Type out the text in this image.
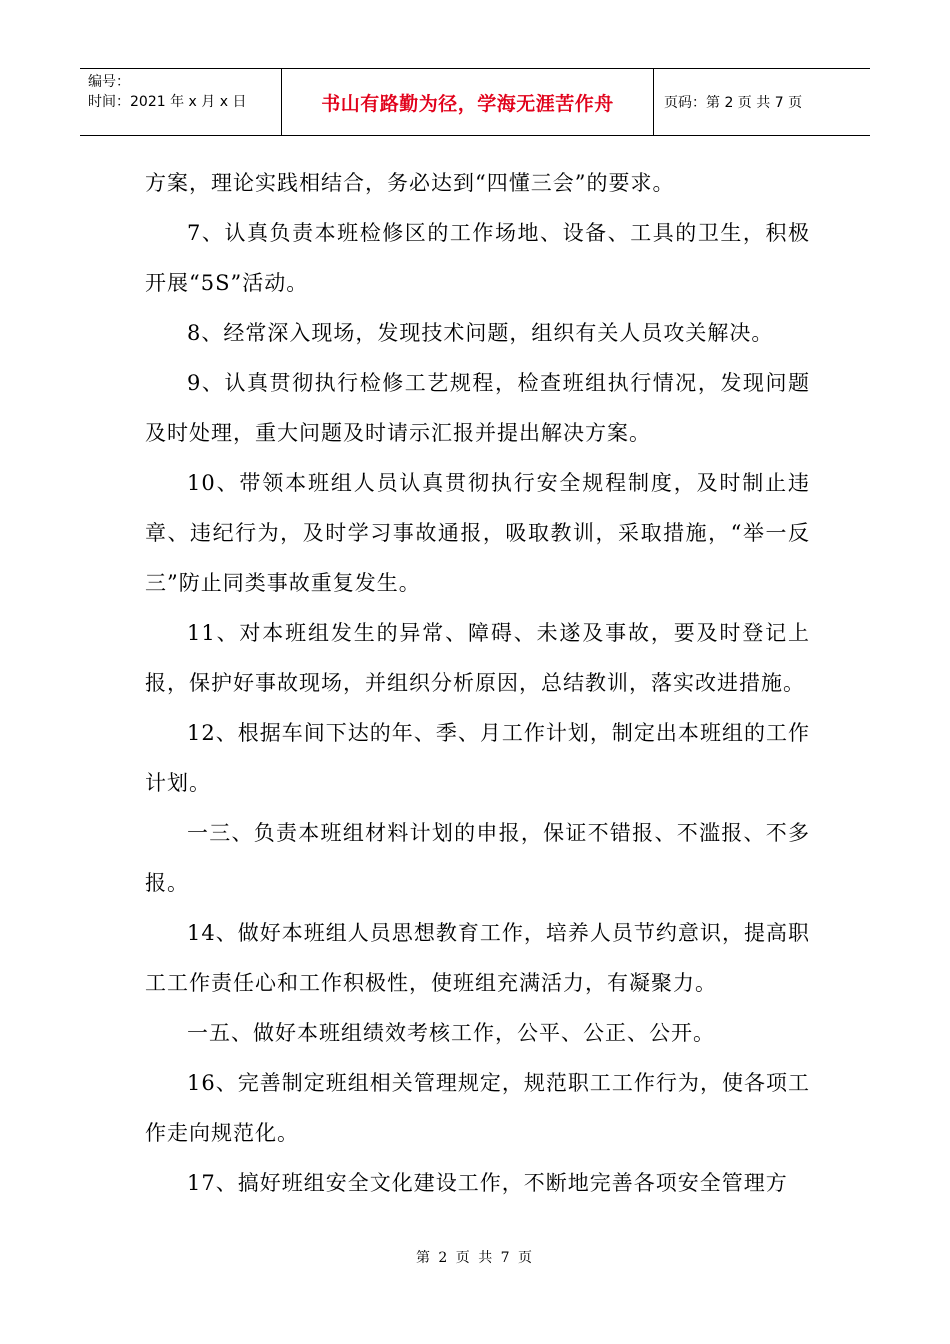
编号：
时间：2021 年 x 月 x 日	书山有路勤为径，学海无涯苦作舟	页码：第 2 页 共 7 页

方案，理论实践相结合，务必达到“四懂三会”的要求。

7、认真负责本班检修区的工作场地、设备、工具的卫生，积极开展“5S”活动。

8、经常深入现场，发现技术问题，组织有关人员攻关解决。

9、认真贯彻执行检修工艺规程，检查班组执行情况，发现问题及时处理，重大问题及时请示汇报并提出解决方案。

10、带领本班组人员认真贯彻执行安全规程制度，及时制止违章、违纪行为，及时学习事故通报，吸取教训，采取措施，“举一反三”防止同类事故重复发生。

11、对本班组发生的异常、障碍、未遂及事故，要及时登记上报，保护好事故现场，并组织分析原因，总结教训，落实改进措施。

12、根据车间下达的年、季、月工作计划，制定出本班组的工作计划。

一三、负责本班组材料计划的申报，保证不错报、不滥报、不多报。

14、做好本班组人员思想教育工作，培养人员节约意识，提高职工工作责任心和工作积极性，使班组充满活力，有凝聚力。

一五、做好本班组绩效考核工作，公平、公正、公开。

16、完善制定班组相关管理规定，规范职工工作行为，使各项工作走向规范化。

17、搞好班组安全文化建设工作，不断地完善各项安全管理方

第 2 页 共 7 页
